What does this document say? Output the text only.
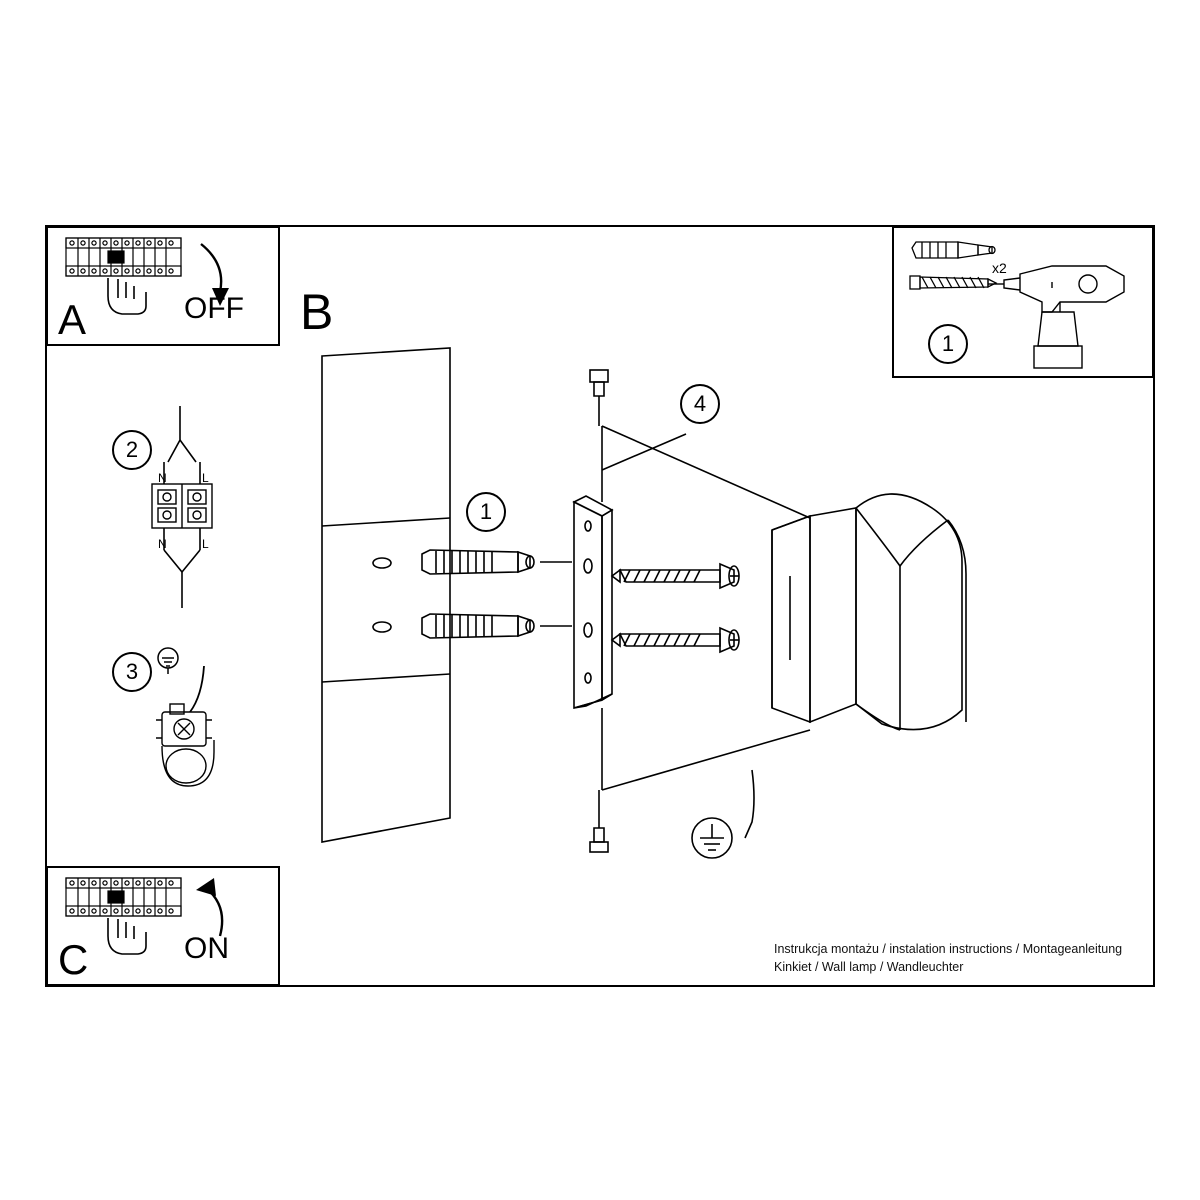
A	OFF
C	ON
x2
1
B
N	L
N	L
2
3
1
4
Instrukcja montażu / instalation instructions / Montageanleitung
Kinkiet / Wall lamp / Wandleuchter
